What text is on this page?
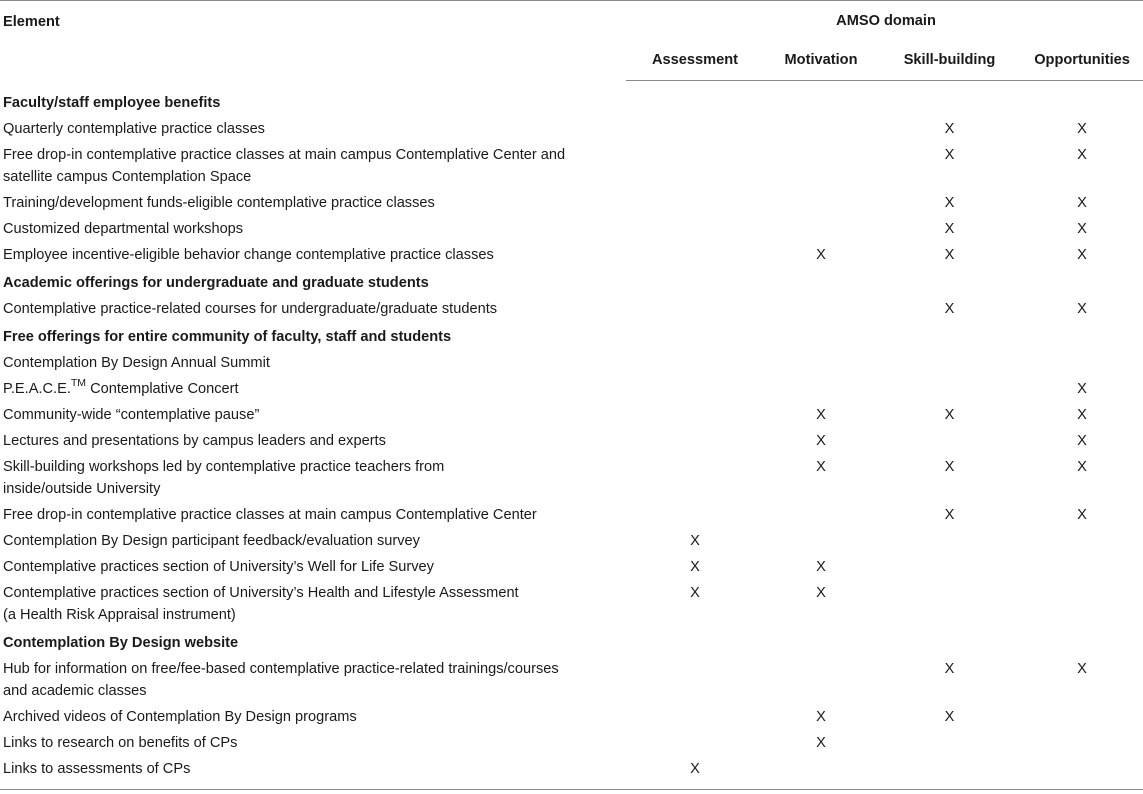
Element	AMSO domain			
	Assessment	Motivation	Skill-building	Opportunities
Faculty/staff employee benefits				
Quarterly contemplative practice classes			X	X
Free drop-in contemplative practice classes at main campus Contemplative Center and
satellite campus Contemplation Space			X	X
Training/development funds-eligible contemplative practice classes			X	X
Customized departmental workshops			X	X
Employee incentive-eligible behavior change contemplative practice classes		X	X	X
Academic offerings for undergraduate and graduate students				
Contemplative practice-related courses for undergraduate/graduate students			X	X
Free offerings for entire community of faculty, staff and students				
Contemplation By Design Annual Summit				
P.E.A.C.E.™ Contemplative Concert				X
Community-wide “contemplative pause”		X	X	X
Lectures and presentations by campus leaders and experts		X		X
Skill-building workshops led by contemplative practice teachers from
inside/outside University		X	X	X
Free drop-in contemplative practice classes at main campus Contemplative Center			X	X
Contemplation By Design participant feedback/evaluation survey	X			
Contemplative practices section of University’s Well for Life Survey	X	X		
Contemplative practices section of University’s Health and Lifestyle Assessment
(a Health Risk Appraisal instrument)	X	X		
Contemplation By Design website				
Hub for information on free/fee-based contemplative practice-related trainings/courses
and academic classes			X	X
Archived videos of Contemplation By Design programs		X	X	
Links to research on benefits of CPs		X		
Links to assessments of CPs	X			
